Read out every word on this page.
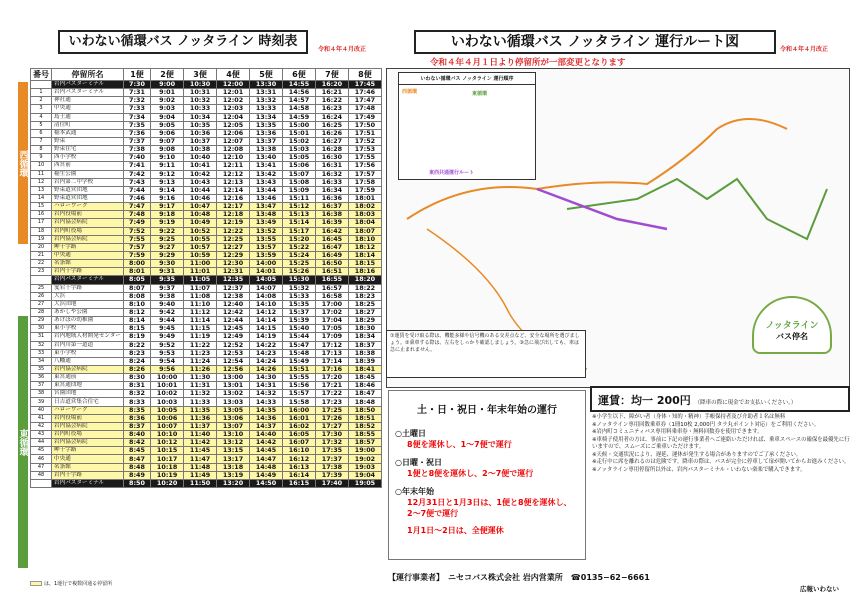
いわない循環バス ノッタライン 時刻表
令和４年４月改正	いわない循環バス ノッタライン 運行ルート図	令和４年４月改正
令和４年４月１日より停留所が一部変更となります
西循環
東循環
番号	停留所名	1便	2便	3便	4便	5便	6便	7便	8便
0	岩内バスターミナル	7:30	9:00	10:30	12:00	13:30	14:55	16:20	17:45
1	岩内バスターミナル	7:31	9:01	10:31	12:01	13:31	14:56	16:21	17:46
2	神社通	7:32	9:02	10:32	12:02	13:32	14:57	16:22	17:47
3	中央通	7:33	9:03	10:33	12:03	13:33	14:58	16:23	17:48
4	島土通	7:34	9:04	10:34	12:04	13:34	14:59	16:24	17:49
5	清住町	7:35	9:05	10:35	12:05	13:35	15:00	16:25	17:50
6	稲本武通	7:36	9:06	10:36	12:06	13:36	15:01	16:26	17:51
7	野束	7:37	9:07	10:37	12:07	13:37	15:02	16:27	17:52
8	野束住宅	7:38	9:08	10:38	12:08	13:38	15:03	16:28	17:53
9	西小学校	7:40	9:10	10:40	12:10	13:40	15:05	16:30	17:55
10	西宮前	7:41	9:11	10:41	12:11	13:41	15:06	16:31	17:56
11	稲生公園	7:42	9:12	10:42	12:12	13:42	15:07	16:32	17:57
12	岩内第二中学校	7:43	9:13	10:43	12:13	13:43	15:08	16:33	17:58
13	野束道営団地	7:44	9:14	10:44	12:14	13:44	15:09	16:34	17:59
14	野束道営団地	7:46	9:16	10:46	12:16	13:46	15:11	16:36	18:01
15	ハローワーク	7:47	9:17	10:47	12:17	13:47	15:12	16:37	18:02
16	岩内役場前	7:48	9:18	10:48	12:18	13:48	15:13	16:38	18:03
17	岩内協会病院	7:49	9:19	10:49	12:19	13:49	15:14	16:39	18:04
18	岩内町役場	7:52	9:22	10:52	12:22	13:52	15:17	16:42	18:07
19	岩内協会病院	7:55	9:25	10:55	12:25	13:55	15:20	16:45	18:10
20	岬十字路	7:57	9:27	10:57	12:27	13:57	15:22	16:47	18:12
21	中央通	7:59	9:29	10:59	12:29	13:59	15:24	16:49	18:14
22	名条館	8:00	9:30	11:00	12:30	14:00	15:25	16:50	18:15
23	岩内十字路	8:01	9:31	11:01	12:31	14:01	15:26	16:51	18:16
24	岩内バスターミナル	8:05	9:35	11:05	12:35	14:05	15:30	16:55	18:20
25	愛宕十字路	8:07	9:37	11:07	12:37	14:07	15:32	16:57	18:22
26	大浜	8:08	9:38	11:08	12:38	14:08	15:33	16:58	18:23
27	大浜団地	8:10	9:40	11:10	12:40	14:10	15:35	17:00	18:25
28	あかしや公園	8:12	9:42	11:12	12:42	14:12	15:37	17:02	18:27
29	あけぼの幼稚園	8:14	9:44	11:14	12:44	14:14	15:39	17:04	18:29
30	東小学校	8:15	9:45	11:15	12:45	14:15	15:40	17:05	18:30
31	岩内地域人材開発センター	8:19	9:49	11:19	12:49	14:19	15:44	17:09	18:34
32	岩内川第一道道	8:22	9:52	11:22	12:52	14:22	15:47	17:12	18:37
33	東小学校	8:23	9:53	11:23	12:53	14:23	15:48	17:13	18:38
34	八幡通	8:24	9:54	11:24	12:54	14:24	15:49	17:14	18:39
35	岩内協会病院	8:26	9:56	11:26	12:56	14:26	15:51	17:16	18:41
36	東宮通前	8:30	10:00	11:30	13:00	14:30	15:55	17:20	18:45
37	東宮通団地	8:31	10:01	11:31	13:01	14:31	15:56	17:21	18:46
38	宮園団地	8:32	10:02	11:32	13:02	14:32	15:57	17:22	18:47
39	日吉道営集合住宅	8:33	10:03	11:33	13:03	14:33	15:58	17:23	18:48
40	ハローワーク	8:35	10:05	11:35	13:05	14:35	16:00	17:25	18:50
41	岩内役場前	8:36	10:06	11:36	13:06	14:36	16:01	17:26	18:51
42	岩内協会病院	8:37	10:07	11:37	13:07	14:37	16:02	17:27	18:52
43	岩内町役場	8:40	10:10	11:40	13:10	14:40	16:05	17:30	18:55
44	岩内協会病院	8:42	10:12	11:42	13:12	14:42	16:07	17:32	18:57
45	岬十字路	8:45	10:15	11:45	13:15	14:45	16:10	17:35	19:00
46	中央通	8:47	10:17	11:47	13:17	14:47	16:12	17:37	19:02
47	名条館	8:48	10:18	11:48	13:18	14:48	16:13	17:38	19:03
48	岩内十字路	8:49	10:19	11:49	13:19	14:49	16:14	17:39	19:04
49	岩内バスターミナル	8:50	10:20	11:50	13:20	14:50	16:15	17:40	19:05
は、1運行で複数回通る停留所
いわない循環バス ノッタライン 運行順序
西循環	東循環
東西共通運行ルート
ノッタライン
バス停名
①運賃を受け取る際は、機能多様や信号機のある交差点など、安全な場所を選びましょう。②乗車する際は、左右をしっかり確認しましょう。③急に飛び出しても、車は急に止まれません。
土・日・祝日・年末年始の運行
○土曜日
8便を運休し、1〜7便で運行
○日曜・祝日
1便と8便を運休し、2〜7便で運行
○年末年始
12月31日と1月3日は、1便と8便を運休し、2〜7便で運行
1月1日〜2日は、全便運休
運賃：均一 200円 （降車の際に現金でお支払いください。）
※小学生以下、障がい者（身体・知的・精神）手帳保持者及び介助者１名は無料
※ノッタライン専用回数乗車券（1冊10枚 2,000円 タラ丸ポイント対応）をご利用ください。
※岩内町コミュニティバス専用料乗車券・無料回数券を使用できます。
※車椅子使用者の方は、事前に下記の運行事業者へご連絡いただければ、乗車スペースの確保を最優先に行いますので、スムーズにご乗車いただけます。
※天候・交通状況により、遅延、運休が発生する場合がありますのでご了承ください。
※走行中に席を離れるのは危険です。降車の際は、バスが完全に停車して扉が開いてからお進みください。
※ノッタライン専用停留所以外は、岩内バスターミナル・いわない楽楽で購入できます。
【運行事業者】　ニセコバス株式会社 岩内営業所　☎0135−62−6661
広報いわない
